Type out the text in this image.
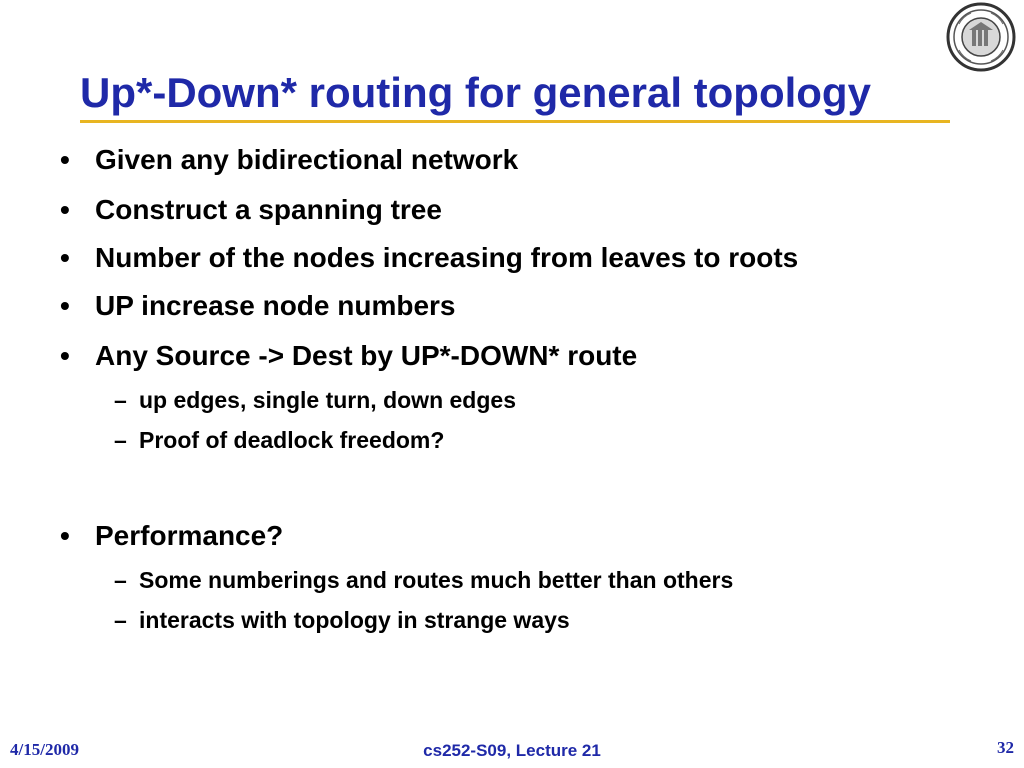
Up*-Down* routing for general topology
• Given any bidirectional network
• Construct a spanning tree
• Number of the nodes increasing from leaves to roots
• UP increase node numbers
• Any Source -> Dest by UP*-DOWN* route
– up edges, single turn, down edges
– Proof of deadlock freedom?
• Performance?
– Some numberings and routes much better than others
– interacts with topology in strange ways
4/15/2009	cs252-S09, Lecture 21	32
